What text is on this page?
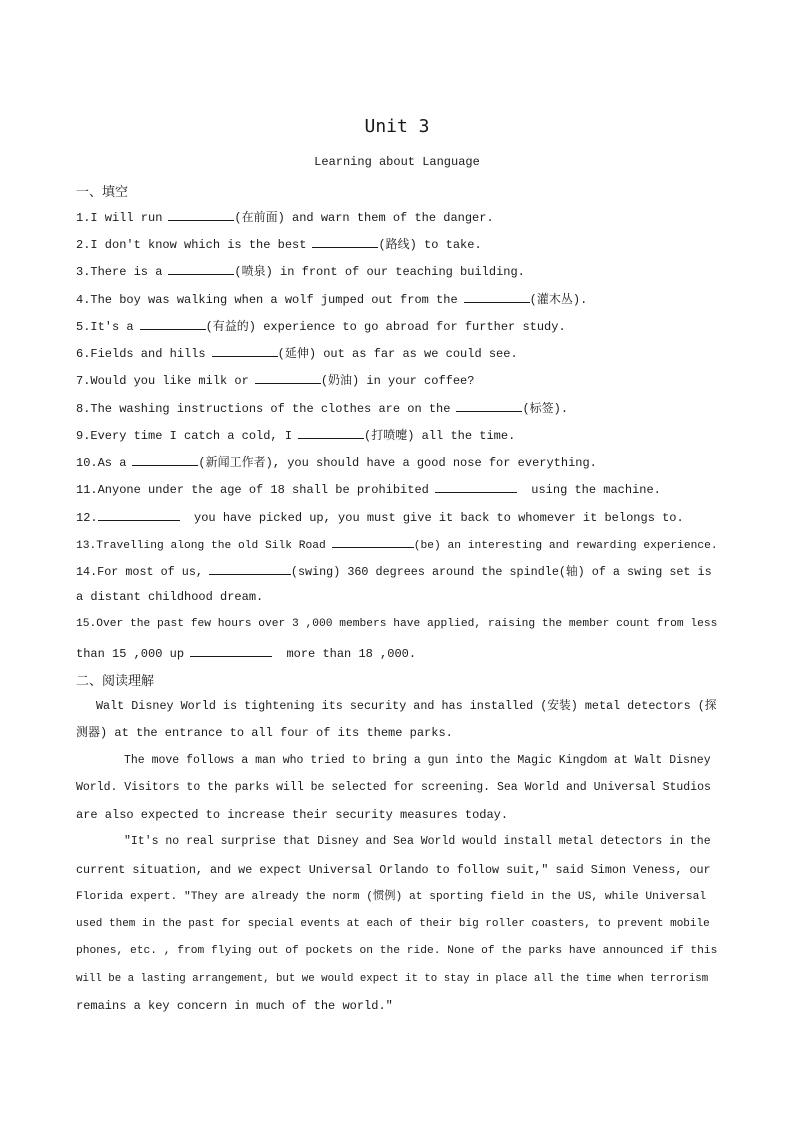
Unit 3
Learning about Language
一、填空
1.I will run	(在前面) and warn them of the danger.
2.I don't know which is the best	(路线) to take.
3.There is a	(喷泉) in front of our teaching building.
4.The boy was walking when a wolf jumped out from the	(灌木丛).
5.It's a	(有益的) experience to go abroad for further study.
6.Fields and hills	(延伸) out as far as we could see.
7.Would you like milk or	(奶油) in your coffee?
8.The washing instructions of the clothes are on the	(标签).
9.Every time I catch a cold, I	(打喷嚏) all the time.
10.As a	(新闻工作者), you should have a good nose for everything.
11.Anyone under the age of 18 shall be prohibited	using the machine.
12.	you have picked up, you must give it back to whomever it belongs to.
13.Travelling along the old Silk Road	(be) an interesting and rewarding experience.
14.For most of us,	(swing) 360 degrees around the spindle(轴) of a swing set is
a distant childhood dream.
15.Over the past few hours over 3 ,000 members have applied, raising the member count from less
than 15 ,000 up	more than 18 ,000.
二、阅读理解
Walt Disney World is tightening its security and has installed (安装) metal detectors (探
测器) at the entrance to all four of its theme parks.
The move follows a man who tried to bring a gun into the Magic Kingdom at Walt Disney
World. Visitors to the parks will be selected for screening. Sea World and Universal Studios
are also expected to increase their security measures today.
"It's no real surprise that Disney and Sea World would install metal detectors in the
current situation, and we expect Universal Orlando to follow suit," said Simon Veness, our
Florida expert. "They are already the norm (惯例) at sporting field in the US, while Universal
used them in the past for special events at each of their big roller coasters, to prevent mobile
phones, etc. , from flying out of pockets on the ride. None of the parks have announced if this
will be a lasting arrangement, but we would expect it to stay in place all the time when terrorism
remains a key concern in much of the world."
